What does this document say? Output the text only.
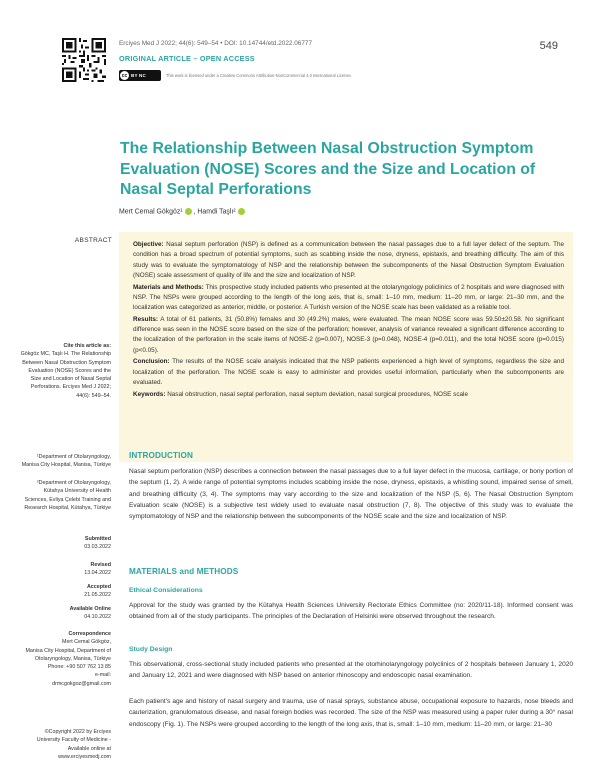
Erciyes Med J 2022; 44(6): 549–54 • DOI: 10.14744/etd.2022.06777
ORIGINAL ARTICLE – OPEN ACCESS
cc BY NC	This work is licensed under a Creative Commons Attribution-NonCommercial 4.0 International License.
549
The Relationship Between Nasal Obstruction Symptom Evaluation (NOSE) Scores and the Size and Location of Nasal Septal Perforations
Mert Cemal Gökgöz¹ , Hamdi Taşlı²
ABSTRACT

Objective: Nasal septum perforation (NSP) is defined as a communication between the nasal passages due to a full layer defect of the septum. The condition has a broad spectrum of potential symptoms, such as scabbing inside the nose, dryness, epistaxis, and breathing difficulty. The aim of this study was to evaluate the symptomatology of NSP and the relationship between the subcomponents of the Nasal Obstruction Symptom Evaluation (NOSE) scale assessment of quality of life and the size and localization of NSP.

Materials and Methods: This prospective study included patients who presented at the otolaryngology policlinics of 2 hospitals and were diagnosed with NSP. The NSPs were grouped according to the length of the long axis, that is, small: 1–10 mm, medium: 11–20 mm, or large: 21–30 mm, and the localization was categorized as anterior, middle, or posterior. A Turkish version of the NOSE scale has been validated as a reliable tool.

Results: A total of 61 patients, 31 (50.8%) females and 30 (49.2%) males, were evaluated. The mean NOSE score was 59.50±20.58. No significant difference was seen in the NOSE score based on the size of the perforation; however, analysis of variance revealed a significant difference according to the localization of the perforation in the scale items of NOSE-2 (p=0.007), NOSE-3 (p=0.048), NOSE-4 (p=0.011), and the total NOSE score (p=0.015) (p<0.05).

Conclusion: The results of the NOSE scale analysis indicated that the NSP patients experienced a high level of symptoms, regardless the size and localization of the perforation. The NOSE scale is easy to administer and provides useful information, particularly when the subcomponents are evaluated.

Keywords: Nasal obstruction, nasal septal perforation, nasal septum deviation, nasal surgical procedures, NOSE scale

Cite this article as:
Gökgöz MC, Taşlı H. The Relationship Between Nasal Obstruction Symptom Evaluation (NOSE) Scores and the Size and Location of Nasal Septal Perforations. Erciyes Med J 2022; 44(6): 549–54.
¹Department of Otolaryngology, Manisa City Hospital, Manisa, Türkiye
²Department of Otolaryngology, Kütahya University of Health Sciences, Evliya Çelebi Training and Research Hospital, Kütahya, Türkiye
Submitted
03.03.2022
Revised
13.04.2022
Accepted
21.05.2022
Available Online
04.10.2022
Correspondence
Mert Cemal Gökgöz,
Manisa City Hospital, Department of Otolaryngology, Manisa, Türkiye
Phone: +90 507 762 13 85
e-mail:
drmcgokgoz@gmail.com
©Copyright 2022 by Erciyes University Faculty of Medicine - Available online at
www.erciyesmedj.com
INTRODUCTION

Nasal septum perforation (NSP) describes a connection between the nasal passages due to a full layer defect in the mucosa, cartilage, or bony portion of the septum (1, 2). A wide range of potential symptoms includes scabbing inside the nose, dryness, epistaxis, a whistling sound, impaired sense of smell, and breathing difficulty (3, 4). The symptoms may vary according to the size and localization of the NSP (5, 6). The Nasal Obstruction Symptom Evaluation scale (NOSE) is a subjective test widely used to evaluate nasal obstruction (7, 8). The objective of this study was to evaluate the symptomatology of NSP and the relationship between the subcomponents of the NOSE scale and the size and localization of NSP.

MATERIALS and METHODS
Ethical Considerations

Approval for the study was granted by the Kütahya Health Sciences University Rectorate Ethics Committee (no: 2020/11-18). Informed consent was obtained from all of the study participants. The principles of the Declaration of Helsinki were observed throughout the research.

Study Design

This observational, cross-sectional study included patients who presented at the otorhinolaryngology polyclinics of 2 hospitals between January 1, 2020 and January 12, 2021 and were diagnosed with NSP based on anterior rhinoscopy and endoscopic nasal examination.

Each patient's age and history of nasal surgery and trauma, use of nasal sprays, substance abuse, occupational exposure to hazards, nose bleeds and cauterization, granulomatous disease, and nasal foreign bodies was recorded. The size of the NSP was measured using a paper ruler during a 30° nasal endoscopy (Fig. 1). The NSPs were grouped according to the length of the long axis, that is, small: 1–10 mm, medium: 11–20 mm, or large: 21–30
